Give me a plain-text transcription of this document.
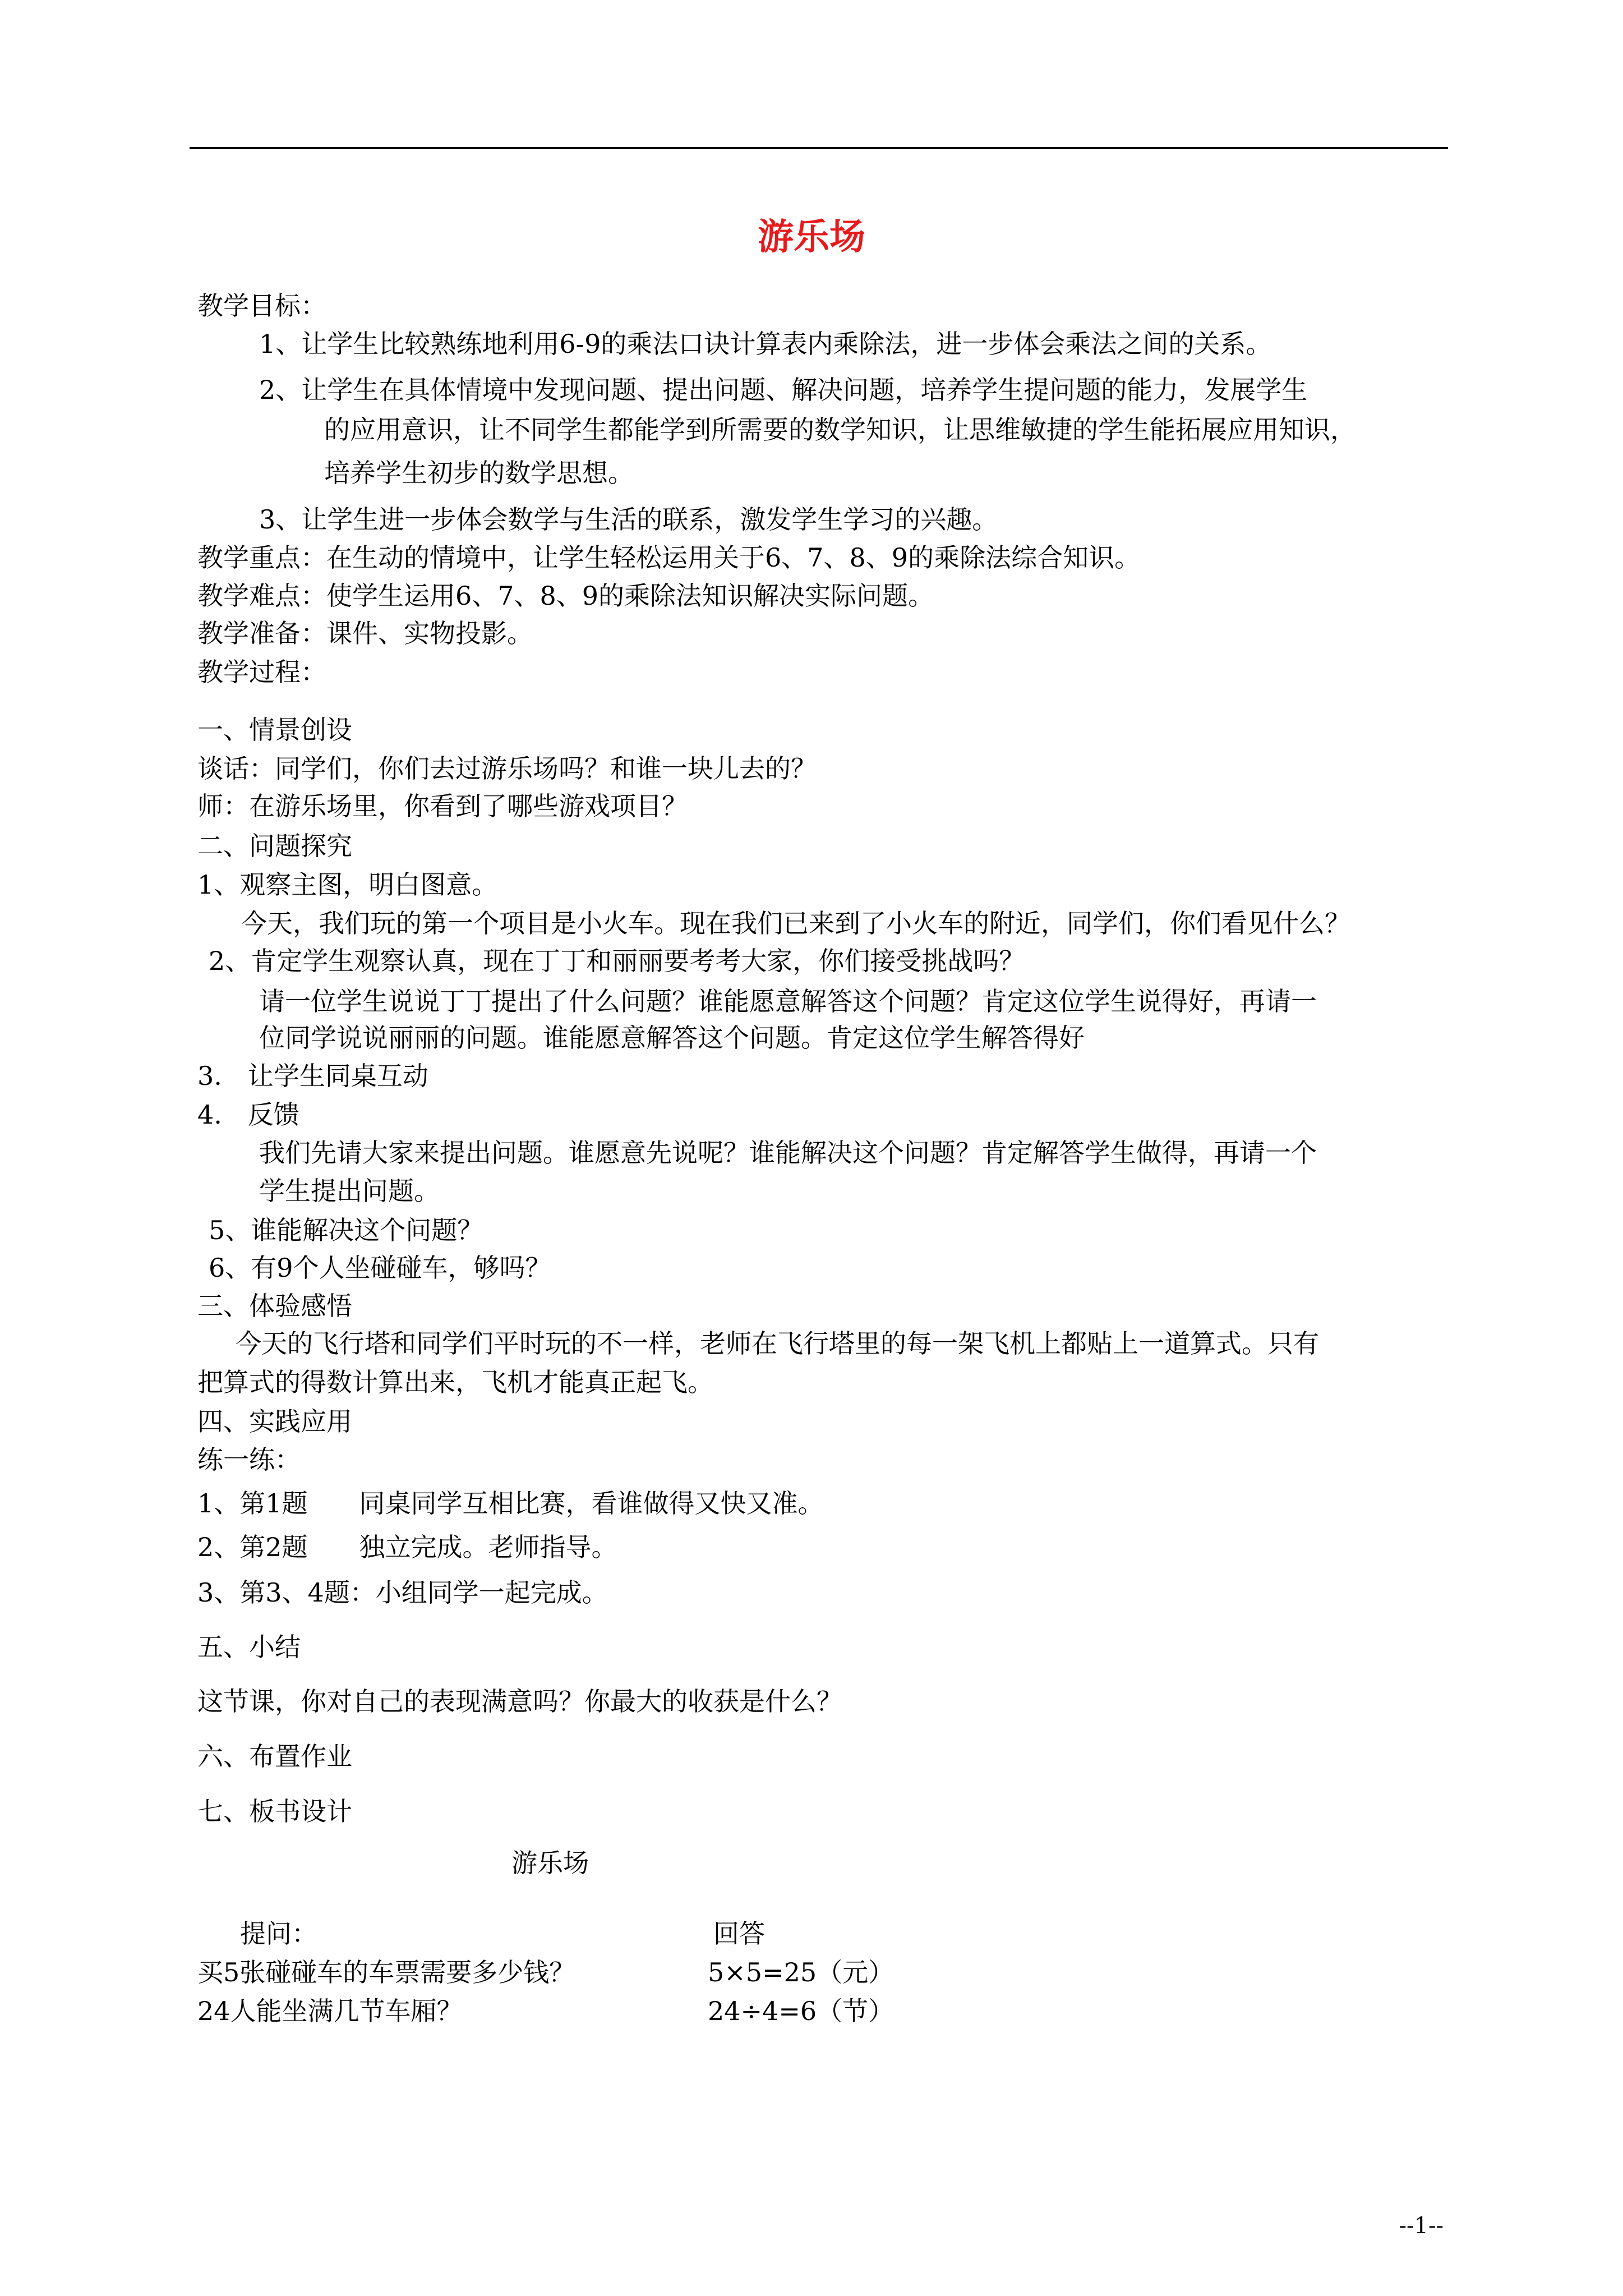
游乐场
教学目标：
1、让学生比较熟练地利用6-9的乘法口诀计算表内乘除法，进一步体会乘法之间的关系。
2、让学生在具体情境中发现问题、提出问题、解决问题，培养学生提问题的能力，发展学生
的应用意识，让不同学生都能学到所需要的数学知识，让思维敏捷的学生能拓展应用知识，
培养学生初步的数学思想。
3、让学生进一步体会数学与生活的联系，激发学生学习的兴趣。
教学重点：在生动的情境中，让学生轻松运用关于6、7、8、9的乘除法综合知识。
教学难点：使学生运用6、7、8、9的乘除法知识解决实际问题。
教学准备：课件、实物投影。
教学过程：
一、情景创设
谈话：同学们，你们去过游乐场吗？和谁一块儿去的？
师：在游乐场里，你看到了哪些游戏项目？
二、问题探究
1、观察主图，明白图意。
今天，我们玩的第一个项目是小火车。现在我们已来到了小火车的附近，同学们，你们看见什么？
2、肯定学生观察认真，现在丁丁和丽丽要考考大家，你们接受挑战吗？
请一位学生说说丁丁提出了什么问题？谁能愿意解答这个问题？肯定这位学生说得好，再请一
位同学说说丽丽的问题。谁能愿意解答这个问题。肯定这位学生解答得好
3.　让学生同桌互动
4.　反馈
我们先请大家来提出问题。谁愿意先说呢？谁能解决这个问题？肯定解答学生做得，再请一个
学生提出问题。
5、谁能解决这个问题？
6、有9个人坐碰碰车，够吗？
三、体验感悟
今天的飞行塔和同学们平时玩的不一样，老师在飞行塔里的每一架飞机上都贴上一道算式。只有
把算式的得数计算出来，飞机才能真正起飞。
四、实践应用
练一练：
1、第1题　　同桌同学互相比赛，看谁做得又快又准。
2、第2题　　独立完成。老师指导。
3、第3、4题：小组同学一起完成。
五、小结
这节课，你对自己的表现满意吗？你最大的收获是什么？
六、布置作业
七、板书设计
游乐场
提问：
买5张碰碰车的车票需要多少钱？
24人能坐满几节车厢？
回答
5×5=25（元）
24÷4=6（节）
--1--
